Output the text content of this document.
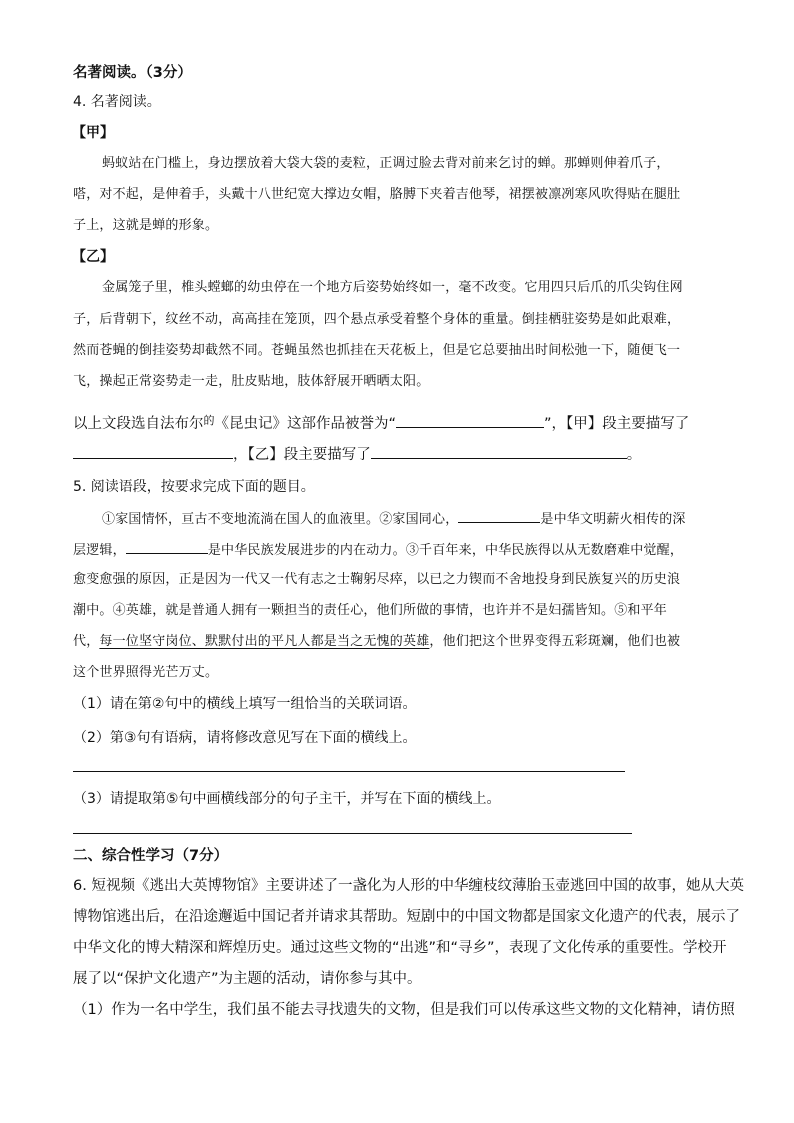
名著阅读。（3分）
4. 名著阅读。
【甲】
蚂蚁站在门槛上，身边摆放着大袋大袋的麦粒，正调过脸去背对前来乞讨的蝉。那蝉则伸着爪子，
嗒，对不起，是伸着手，头戴十八世纪宽大撑边女帽，胳膊下夹着吉他琴，裙摆被凛冽寒风吹得贴在腿肚
子上，这就是蝉的形象。
【乙】
金属笼子里，椎头螳螂的幼虫停在一个地方后姿势始终如一，毫不改变。它用四只后爪的爪尖钩住网
子，后背朝下，纹丝不动，高高挂在笼顶，四个悬点承受着整个身体的重量。倒挂栖驻姿势是如此艰难，
然而苍蝇的倒挂姿势却截然不同。苍蝇虽然也抓挂在天花板上，但是它总要抽出时间松弛一下，随便飞一
飞，操起正常姿势走一走，肚皮贴地，肢体舒展开晒晒太阳。
以上文段选自法布尔$^的$《昆虫记》这部作品被誉为“	”，【甲】段主要描写了
，【乙】段主要描写了	。
5. 阅读语段，按要求完成下面的题目。
①家国情怀，亘古不变地流淌在国人的血液里。②家国同心，	是中华文明薪火相传的深
层逻辑，	是中华民族发展进步的内在动力。③千百年来，中华民族得以从无数磨难中觉醒，
愈变愈强的原因，正是因为一代又一代有志之士鞠躬尽瘁，以已之力锲而不舍地投身到民族复兴的历史浪
潮中。④英雄，就是普通人拥有一颗担当的责任心，他们所做的事情，也许并不是妇孺皆知。⑤和平年
代，每一位坚守岗位、默默付出的平凡人都是当之无愧的英雄，他们把这个世界变得五彩斑斓，他们也被
这个世界照得光芒万丈。
（1）请在第②句中的横线上填写一组恰当的关联词语。
（2）第③句有语病，请将修改意见写在下面的横线上。
（3）请提取第⑤句中画横线部分的句子主干，并写在下面的横线上。
二、综合性学习（7分）
6. 短视频《逃出大英博物馆》主要讲述了一盏化为人形的中华缠枝纹薄胎玉壶逃回中国的故事，她从大英
博物馆逃出后，在沿途邂逅中国记者并请求其帮助。短剧中的中国文物都是国家文化遗产的代表，展示了
中华文化的博大精深和辉煌历史。通过这些文物的“出逃”和“寻乡”，表现了文化传承的重要性。学校开
展了以“保护文化遗产”为主题的活动，请你参与其中。
（1）作为一名中学生，我们虽不能去寻找遗失的文物，但是我们可以传承这些文物的文化精神，请仿照
